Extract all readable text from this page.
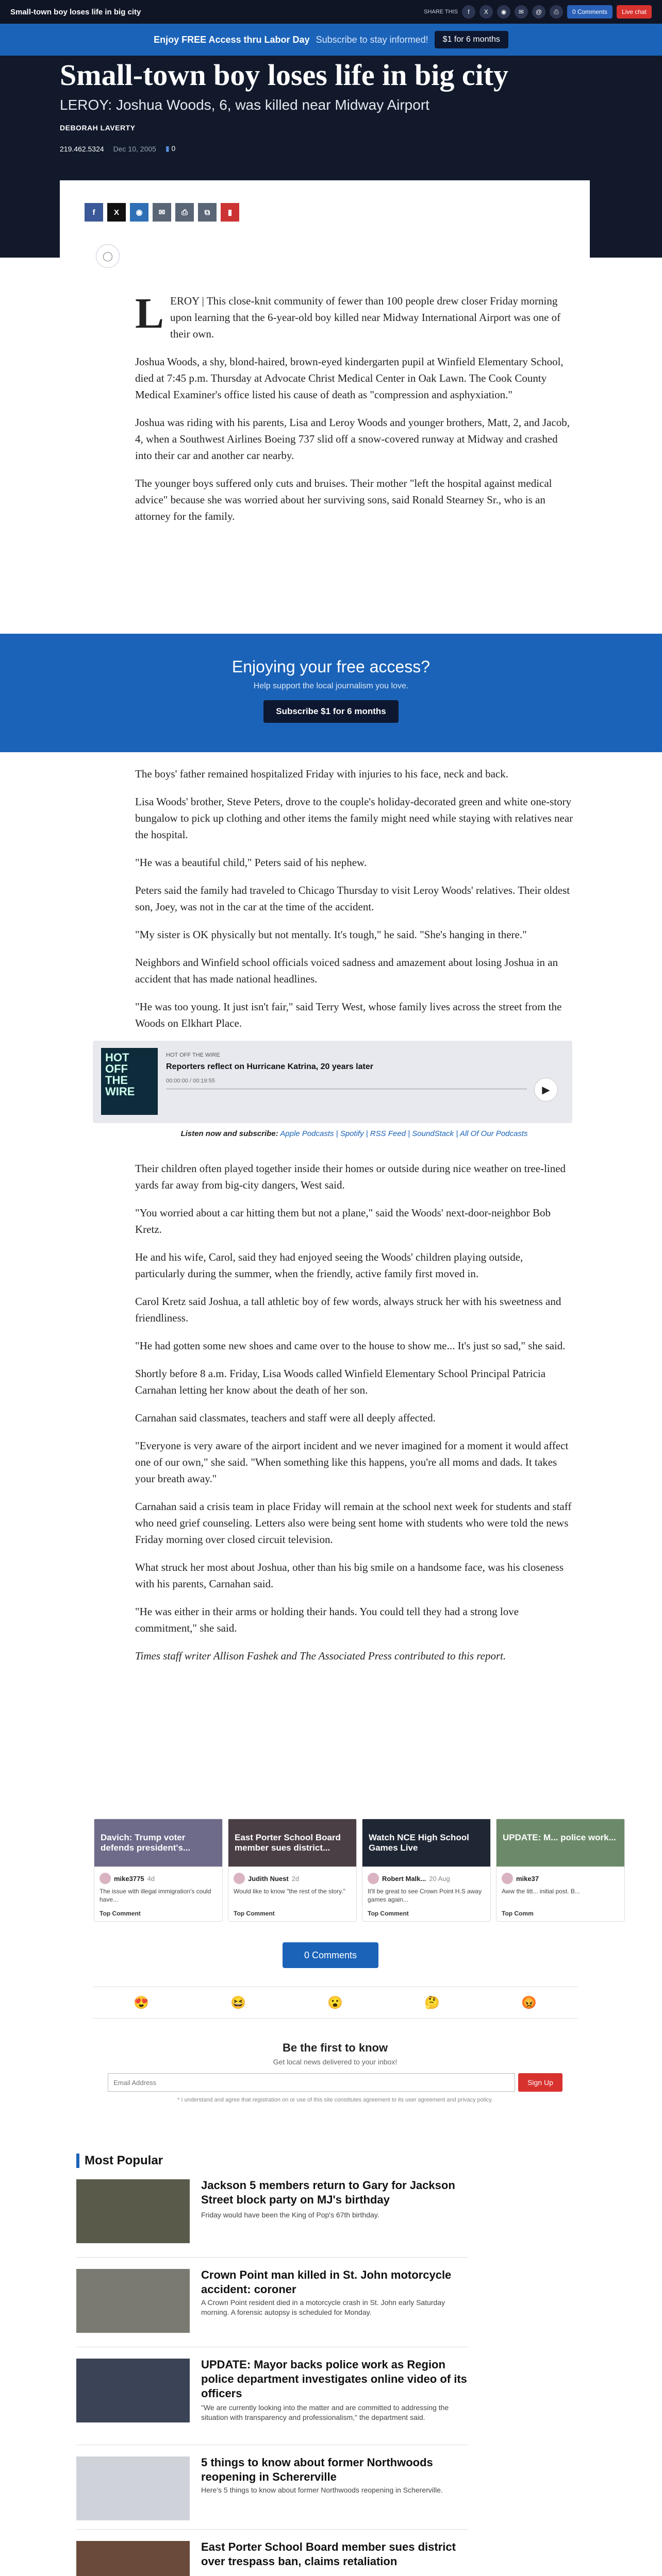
Small-town boy loses life in big city	SHARE THIS	f	X	◉	✉	@	⎙	0 Comments	Live chat
Enjoy FREE Access thru Labor Day Subscribe to stay informed!	$1 for 6 months
Small-town boy loses life in big city
LEROY: Joshua Woods, 6, was killed near Midway Airport
DEBORAH LAVERTY
219.462.5324 Dec 10, 2005 ▮ 0
f	X	◉	✉	⎙	⧉	▮
◯

LEROY | This close-knit community of fewer than 100 people drew closer Friday morning upon learning that the 6-year-old boy killed near Midway International Airport was one of their own.

Joshua Woods, a shy, blond-haired, brown-eyed kindergarten pupil at Winfield Elementary School, died at 7:45 p.m. Thursday at Advocate Christ Medical Center in Oak Lawn. The Cook County Medical Examiner's office listed his cause of death as "compression and asphyxiation."

Joshua was riding with his parents, Lisa and Leroy Woods and younger brothers, Matt, 2, and Jacob, 4, when a Southwest Airlines Boeing 737 slid off a snow-covered runway at Midway and crashed into their car and another car nearby.

The younger boys suffered only cuts and bruises. Their mother "left the hospital against medical advice" because she was worried about her surviving sons, said Ronald Stearney Sr., who is an attorney for the family.

Enjoying your free access?
Help support the local journalism you love.
Subscribe $1 for 6 months

The boys' father remained hospitalized Friday with injuries to his face, neck and back.

Lisa Woods' brother, Steve Peters, drove to the couple's holiday-decorated green and white one-story bungalow to pick up clothing and other items the family might need while staying with relatives near the hospital.

"He was a beautiful child," Peters said of his nephew.

Peters said the family had traveled to Chicago Thursday to visit Leroy Woods' relatives. Their oldest son, Joey, was not in the car at the time of the accident.

"My sister is OK physically but not mentally. It's tough," he said. "She's hanging in there."

Neighbors and Winfield school officials voiced sadness and amazement about losing Joshua in an accident that has made national headlines.

"He was too young. It just isn't fair," said Terry West, whose family lives across the street from the Woods on Elkhart Place.

HOT OFF THE WIRE
HOT OFF THE WIRE
Reporters reflect on Hurricane Katrina, 20 years later
00:00:00 / 00:19:55
▶
Listen now and subscribe: Apple Podcasts | Spotify | RSS Feed | SoundStack | All Of Our Podcasts

Their children often played together inside their homes or outside during nice weather on tree-lined yards far away from big-city dangers, West said.

"You worried about a car hitting them but not a plane," said the Woods' next-door-neighbor Bob Kretz.

He and his wife, Carol, said they had enjoyed seeing the Woods' children playing outside, particularly during the summer, when the friendly, active family first moved in.

Carol Kretz said Joshua, a tall athletic boy of few words, always struck her with his sweetness and friendliness.

"He had gotten some new shoes and came over to the house to show me... It's just so sad," she said.

Shortly before 8 a.m. Friday, Lisa Woods called Winfield Elementary School Principal Patricia Carnahan letting her know about the death of her son.

Carnahan said classmates, teachers and staff were all deeply affected.

"Everyone is very aware of the airport incident and we never imagined for a moment it would affect one of our own," she said. "When something like this happens, you're all moms and dads. It takes your breath away."

Carnahan said a crisis team in place Friday will remain at the school next week for students and staff who need grief counseling. Letters also were being sent home with students who were told the news Friday morning over closed circuit television.

What struck her most about Joshua, other than his big smile on a handsome face, was his closeness with his parents, Carnahan said.

"He was either in their arms or holding their hands. You could tell they had a strong love commitment," she said.

Times staff writer Allison Fashek and The Associated Press contributed to this report.

Davich: Trump voter defends president's...
mike3775 4d
The issue with illegal immigration's could have...
Top Comment
East Porter School Board member sues district...
Judith Nuest 2d
Would like to know "the rest of the story."
Top Comment
Watch NCE High School Games Live
Robert Malk... 20 Aug
It'll be great to see Crown Point H.S away games again...
Top Comment
UPDATE: M... police work...
mike37
Aww the litt... initial post. B...
Top Comm
0 Comments
😍	😆	😮	🤔	😡
Be the first to know
Get local news delivered to your inbox!
Email Address
Sign Up
* I understand and agree that registration on or use of this site constitutes agreement to its user agreement and privacy policy.
Most Popular
Jackson 5 members return to Gary for Jackson Street block party on MJ's birthday
Friday would have been the King of Pop's 67th birthday.
Crown Point man killed in St. John motorcycle accident: coroner
A Crown Point resident died in a motorcycle crash in St. John early Saturday morning. A forensic autopsy is scheduled for Monday.
UPDATE: Mayor backs police work as Region police department investigates online video of its officers
"We are currently looking into the matter and are committed to addressing the situation with transparency and professionalism," the department said.
5 things to know about former Northwoods reopening in Schererville
Here's 5 things to know about former Northwoods reopening in Schererville.
East Porter School Board member sues district over trespass ban, claims retaliation
